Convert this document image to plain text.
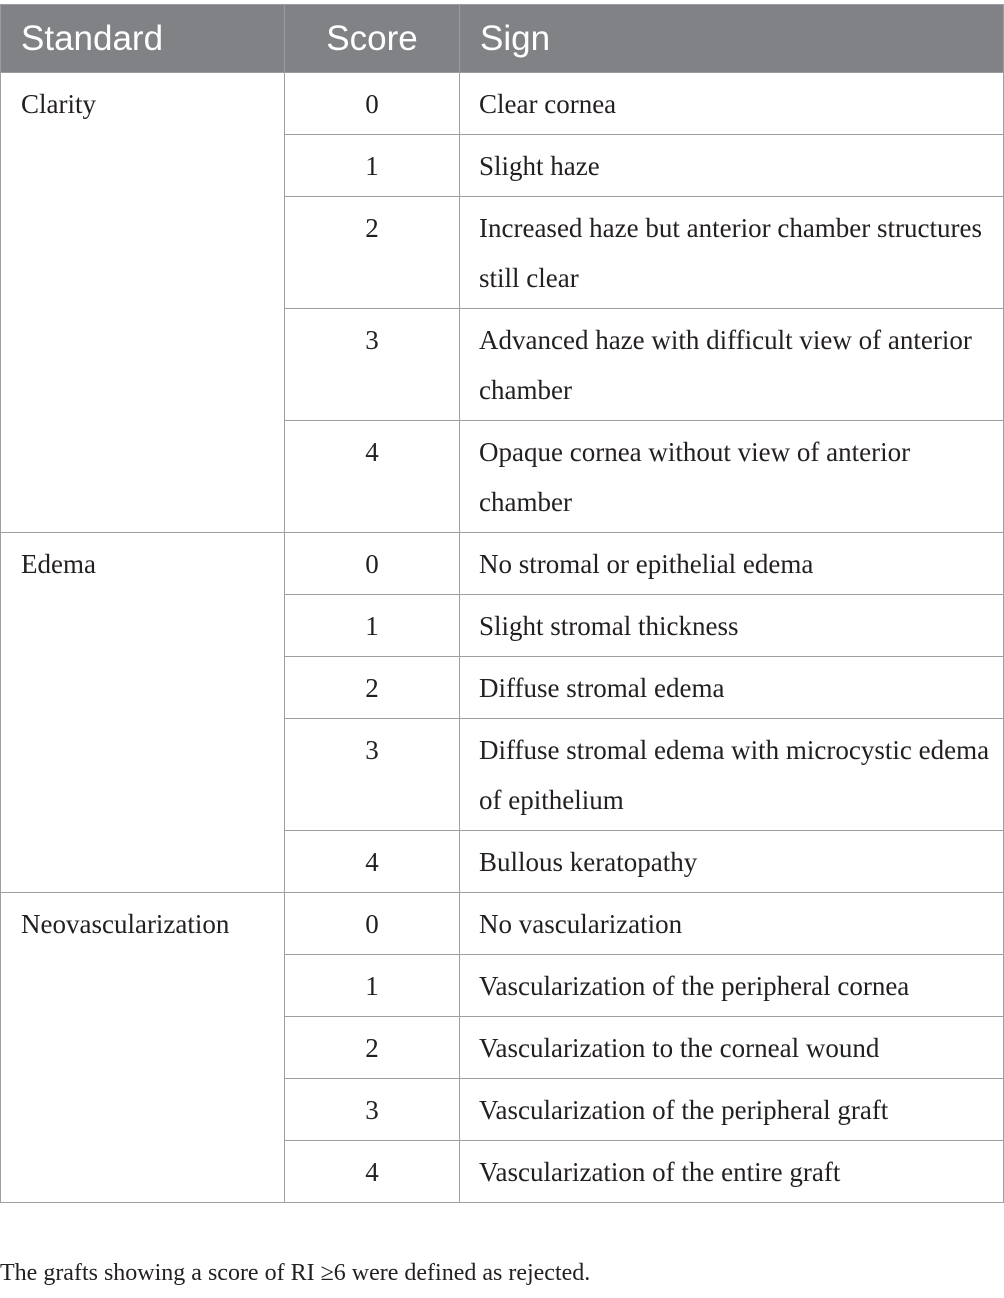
Standard	Score	Sign
Clarity	0	Clear cornea
	1	Slight haze
	2	Increased haze but anterior chamber structures still clear
	3	Advanced haze with difficult view of anterior chamber
	4	Opaque cornea without view of anterior chamber
Edema	0	No stromal or epithelial edema
	1	Slight stromal thickness
	2	Diffuse stromal edema
	3	Diffuse stromal edema with microcystic edema of epithelium
	4	Bullous keratopathy
Neovascularization	0	No vascularization
	1	Vascularization of the peripheral cornea
	2	Vascularization to the corneal wound
	3	Vascularization of the peripheral graft
	4	Vascularization of the entire graft
The grafts showing a score of RI ≥6 were defined as rejected.
